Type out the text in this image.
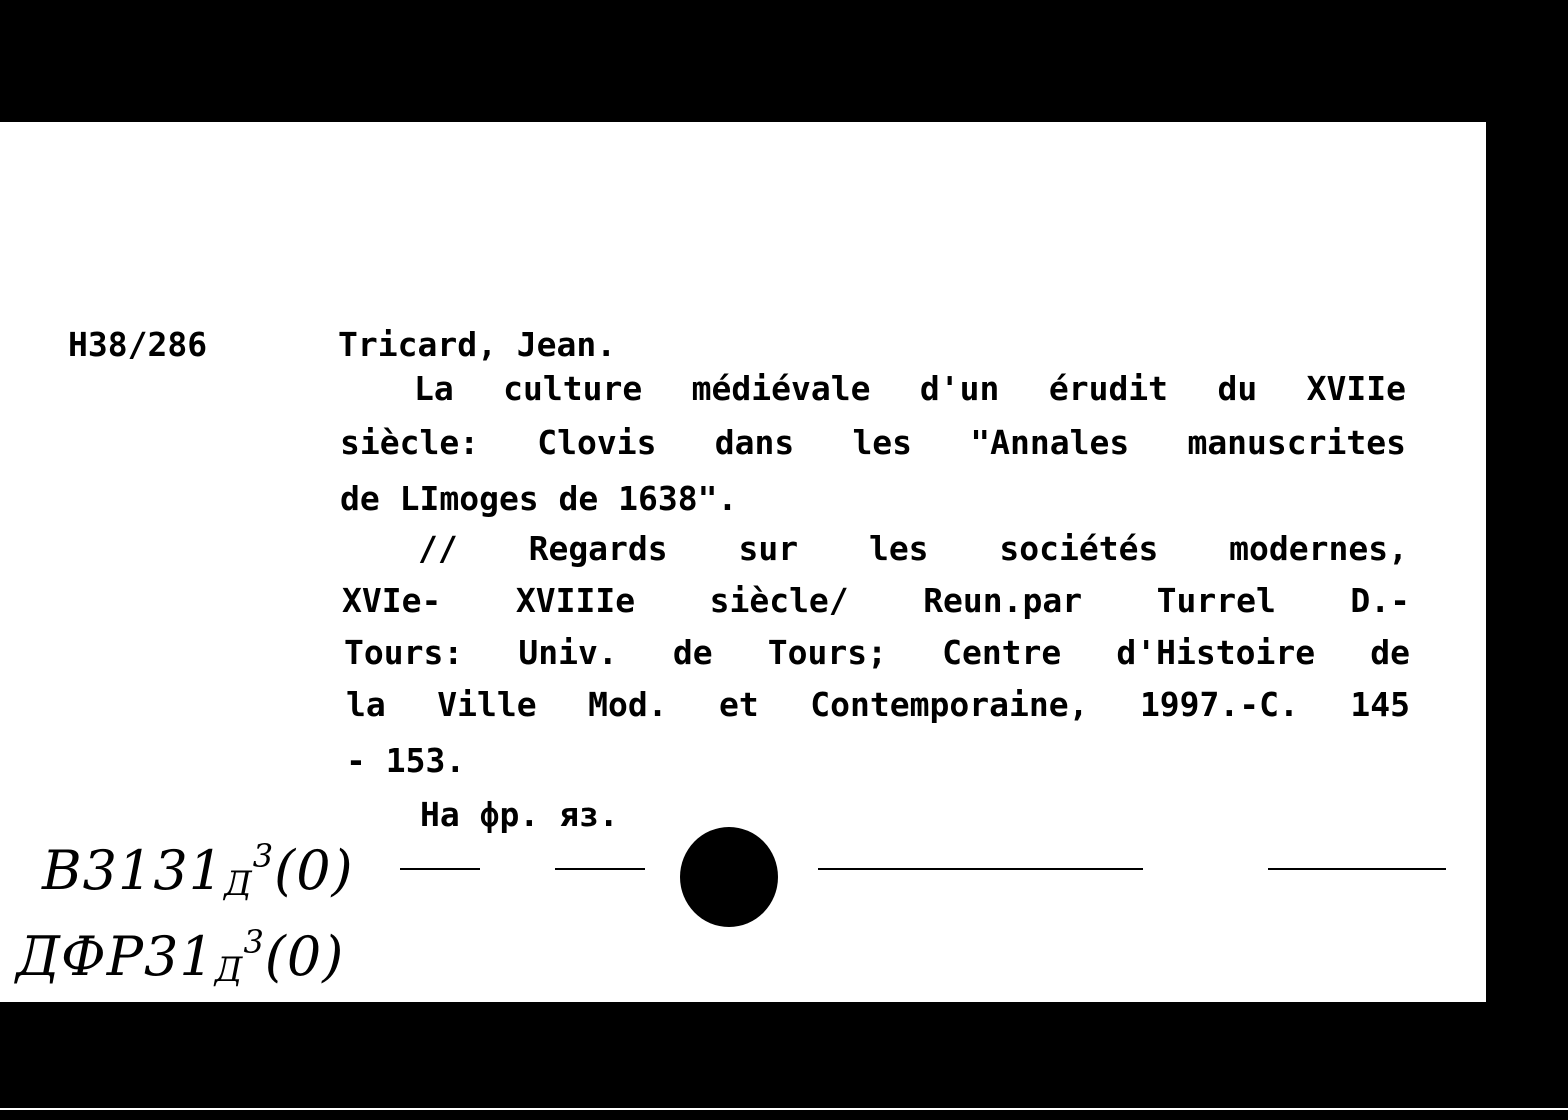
H38/286	Tricard, Jean.
La culture médiévale d'un érudit du XVIIe
siècle: Clovis dans les "Annales manuscrites
de LImoges de 1638".
// Regards sur les sociétés modernes,
XVIe- XVIIIe siècle/ Reun.par Turrel D.-
Tours: Univ. de Tours; Centre d'Histoire de
la Ville Mod. et Contemporaine, 1997.-C. 145
- 153.
На фр. яз.
$B3131_Д^3(0)$
$ДФР31_Д^3(0)$
